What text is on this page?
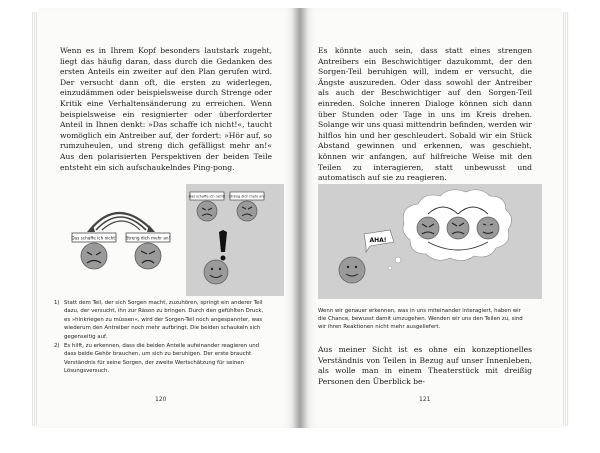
Wenn es in Ihrem Kopf besonders lautstark zugeht, liegt das häufig daran, dass durch die Gedanken des ersten Anteils ein zweiter auf den Plan gerufen wird. Der versucht dann oft, die ersten zu widerlegen, einzudämmen oder beispielsweise durch Strenge oder Kritik eine Verhaltensänderung zu erreichen. Wenn beispielsweise ein resignierter oder überforderter Anteil in Ihnen denkt: »Das schaffe ich nicht!«, taucht womöglich ein Antreiber auf, der fordert: »Hör auf, so rumzuheulen, und streng dich gefälligst mehr an!« Aus den polarisierten Perspektiven der beiden Teile entsteht ein sich aufschaukelndes Ping-pong.

Das schaffe ich nicht! Streng dich mehr an!
Das schaffe ich nicht! Streng dich mehr an!
1) Statt dem Teil, der sich Sorgen macht, zuzuhören, springt ein anderer Teil dazu, der versucht, ihn zur Räson zu bringen. Durch den gefühlten Druck, es »hinkriegen zu müssen«, wird der Sorgen-Teil noch angespannter, was wiederum den Antreiber noch mehr aufbringt. Die beiden schaukeln sich gegenseitig auf.
2) Es hilft, zu erkennen, dass die beiden Anteile aufeinander reagieren und dass beide Gehör brauchen, um sich zu beruhigen. Der erste braucht Verständnis für seine Sorgen, der zweite Wertschätzung für seinen Lösungsversuch.
120

Es könnte auch sein, dass statt eines strengen Antreibers ein Beschwichtiger dazukommt, der den Sorgen-Teil beruhigen will, indem er versucht, die Ängste auszureden. Oder dass sowohl der Antreiber als auch der Beschwichtiger auf den Sorgen-Teil einreden. Solche inneren Dialoge können sich dann über Stunden oder Tage in uns im Kreis drehen. Solange wir uns quasi mittendrin befinden, werden wir hilflos hin und her geschleudert. Sobald wir ein Stück Abstand gewinnen und erkennen, was geschieht, können wir anfangen, auf hilfreiche Weise mit den Teilen zu interagieren, statt unbewusst und automatisch auf sie zu reagieren.

AHA!

Wenn wir genauer erkennen, was in uns miteinander interagiert, haben wir die Chance, bewusst damit umzugehen. Wenden wir uns den Teilen zu, sind wir ihren Reaktionen nicht mehr ausgeliefert.

Aus meiner Sicht ist es ohne ein konzeptionelles Verständnis von Teilen in Bezug auf unser Innenleben, als wolle man in einem Theaterstück mit dreißig Personen den Überblick be-

121
